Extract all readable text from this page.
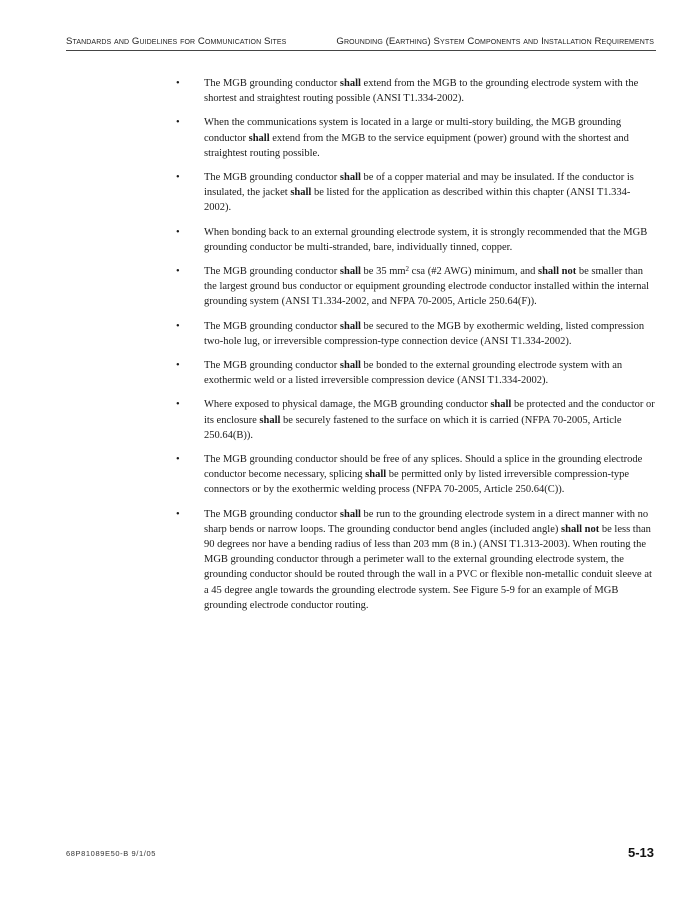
Standards and Guidelines for Communication Sites	Grounding (Earthing) System Components and Installation Requirements
• The MGB grounding conductor shall extend from the MGB to the grounding electrode system with the shortest and straightest routing possible (ANSI T1.334-2002).
• When the communications system is located in a large or multi-story building, the MGB grounding conductor shall extend from the MGB to the service equipment (power) ground with the shortest and straightest routing possible.
• The MGB grounding conductor shall be of a copper material and may be insulated. If the conductor is insulated, the jacket shall be listed for the application as described within this chapter (ANSI T1.334-2002).
• When bonding back to an external grounding electrode system, it is strongly recommended that the MGB grounding conductor be multi-stranded, bare, individually tinned, copper.
• The MGB grounding conductor shall be 35 $mm^2$ csa (#2 AWG) minimum, and shall not be smaller than the largest ground bus conductor or equipment grounding electrode conductor installed within the internal grounding system (ANSI T1.334-2002, and NFPA 70-2005, Article 250.64(F)).
• The MGB grounding conductor shall be secured to the MGB by exothermic welding, listed compression two-hole lug, or irreversible compression-type connection device (ANSI T1.334-2002).
• The MGB grounding conductor shall be bonded to the external grounding electrode system with an exothermic weld or a listed irreversible compression device (ANSI T1.334-2002).
• Where exposed to physical damage, the MGB grounding conductor shall be protected and the conductor or its enclosure shall be securely fastened to the surface on which it is carried (NFPA 70-2005, Article 250.64(B)).
• The MGB grounding conductor should be free of any splices. Should a splice in the grounding electrode conductor become necessary, splicing shall be permitted only by listed irreversible compression-type connectors or by the exothermic welding process (NFPA 70-2005, Article 250.64(C)).
• The MGB grounding conductor shall be run to the grounding electrode system in a direct manner with no sharp bends or narrow loops. The grounding conductor bend angles (included angle) shall not be less than 90 degrees nor have a bending radius of less than 203 mm (8 in.) (ANSI T1.313-2003). When routing the MGB grounding conductor through a perimeter wall to the external grounding electrode system, the grounding conductor should be routed through the wall in a PVC or flexible non-metallic conduit sleeve at a 45 degree angle towards the grounding electrode system. See Figure 5-9 for an example of MGB grounding electrode conductor routing.
68P81089E50-B 9/1/05	5-13
